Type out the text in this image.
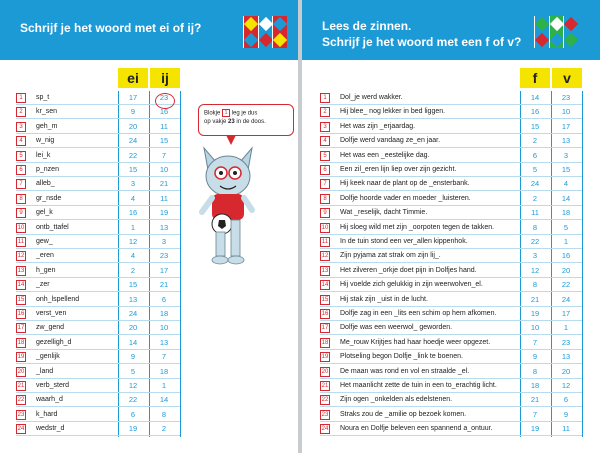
Schrijf je het woord met ei of ij?
ei	ij
1	sp_t	17	23
2	kr_sen	9	16
3	geh_m	20	11
4	w_nig	24	15
5	lei_k	22	7
6	p_nzen	15	10
7	alleb_	3	21
8	gr_nsde	4	11
9	gel_k	16	19
10 ontb_ttafel	1	13
11 gew_	12	3
12 _eren	4	23
13 h_gen	2	17
14 _zer	15	21
15 onh_lspellend	13	6
16 verst_ven	24	18
17 zw_gend	20	10
18 gezelligh_d	14	13
19 _genlijk	9	7
20 _land	5	18
21 verb_sterd	12	1
22 waarh_d	22	14
23 k_hard	6	8
24 wedstr_d	19	2
Blokje 1 leg je dus
op vakje 23 in de doos.
Lees de zinnen.
Schrijf je het woord met een f of v?
f	v
1	Dol_je werd wakker.	14	23
2	Hij blee_ nog lekker in bed liggen.	16	10
3	Het was zijn _erjaardag.	15	17
4	Dolfje werd vandaag ze_en jaar.	2	13
5	Het was een _eestelijke dag.	6	3
6	Een zil_eren lijn liep over zijn gezicht.	5	15
7	Hij keek naar de plant op de _ensterbank.	24	4
8	Dolfje hoorde vader en moeder _luisteren.	2	14
9	Wat _reselijk, dacht Timmie.	11	18
10 Hij sloeg wild met zijn _oorpoten tegen de takken.	8	5
11 In de tuin stond een ver_allen kippenhok.	22	1
12 Zijn pyjama zat strak om zijn lij_.	3	16
13 Het zilveren _orkje doet pijn in Dolfjes hand.	12	20
14 Hij voelde zich gelukkig in zijn weerwolven_el.	8	22
15 Hij stak zijn _uist in de lucht.	21	24
16 Dolfje zag in een _lits een schim op hem afkomen.	19	17
17 Dolfje was een weerwol_ geworden.	10	1
18 Me_rouw Krijtjes had haar hoedje weer opgezet.	7	23
19 Plotseling begon Dolfje _link te boenen.	9	13
20 De maan was rond en vol en straalde _el.	8	20
21 Het maanlicht zette de tuin in een to_erachtig licht.	18	12
22 Zijn ogen _onkelden als edelstenen.	21	6
23 Straks zou de _amilie op bezoek komen.	7	9
24 Noura en Dolfje beleven een spannend a_ontuur.	19	11
